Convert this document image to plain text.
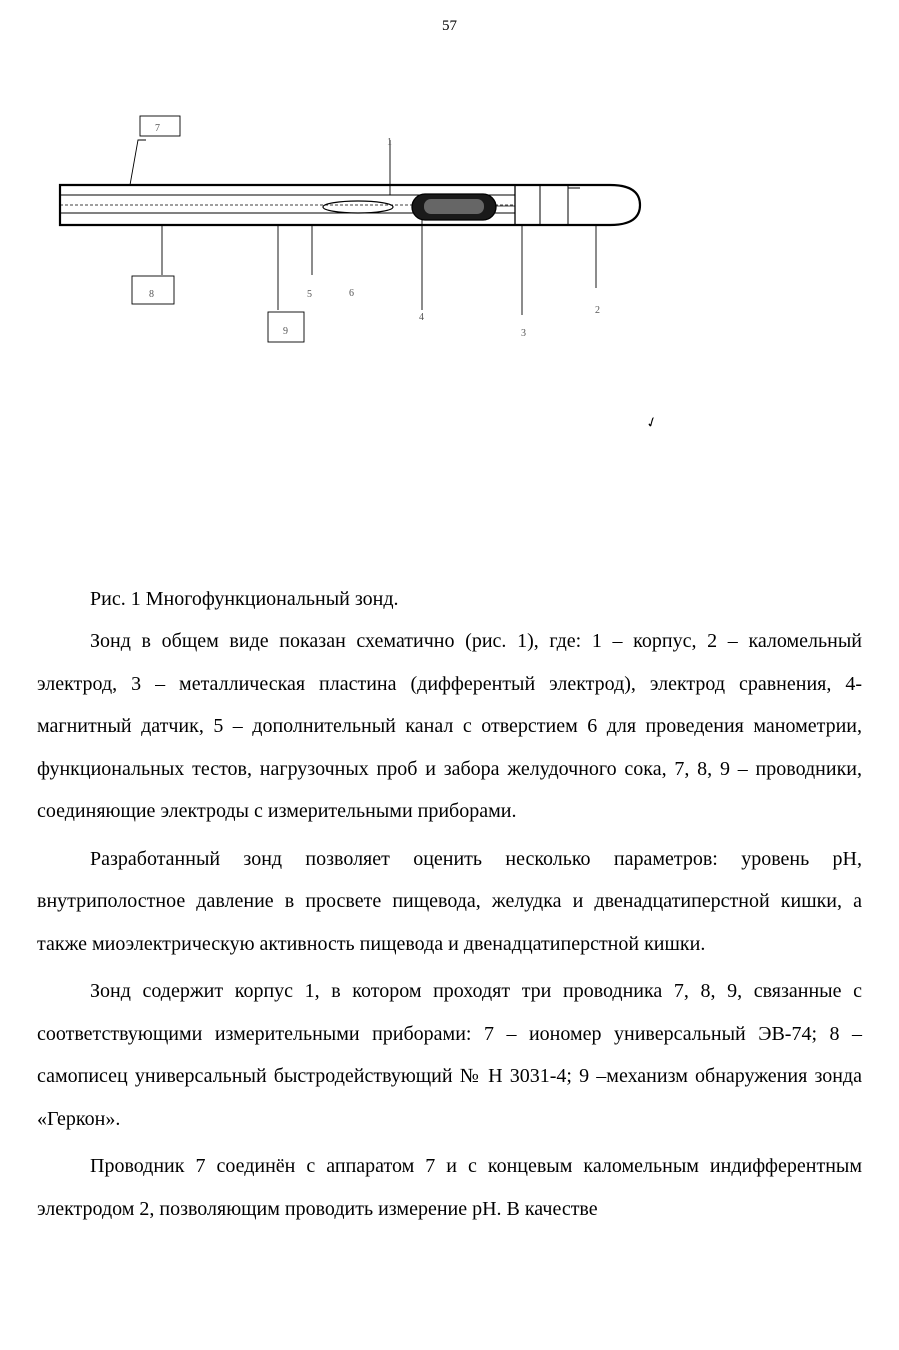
57
7
8
9
1
2
3
4
5	6
✓
Рис. 1 Многофункциональный зонд.

Зонд в общем виде показан схематично (рис. 1), где: 1 – корпус, 2 – каломельный электрод, 3 – металлическая пластина (дифферентый электрод), электрод сравнения, 4- магнитный датчик, 5 – дополнительный канал с отверстием 6 для проведения манометрии, функциональных тестов, нагрузочных проб и забора желудочного сока, 7, 8, 9 – проводники, соединяющие электроды с измерительными приборами.

Разработанный зонд позволяет оценить несколько параметров: уровень pH, внутриполостное давление в просвете пищевода, желудка и двенадцатиперстной кишки, а также миоэлектрическую активность пищевода и двенадцатиперстной кишки.

Зонд содержит корпус 1, в котором проходят три проводника 7, 8, 9, связанные с соответствующими измерительными приборами: 7 – иономер универсальный ЭВ-74; 8 – самописец универсальный быстродействующий № Н 3031-4; 9 –механизм обнаружения зонда «Геркон».

Проводник 7 соединён с аппаратом 7 и с концевым каломельным индифферентным электродом 2, позволяющим проводить измерение pH. В качестве
